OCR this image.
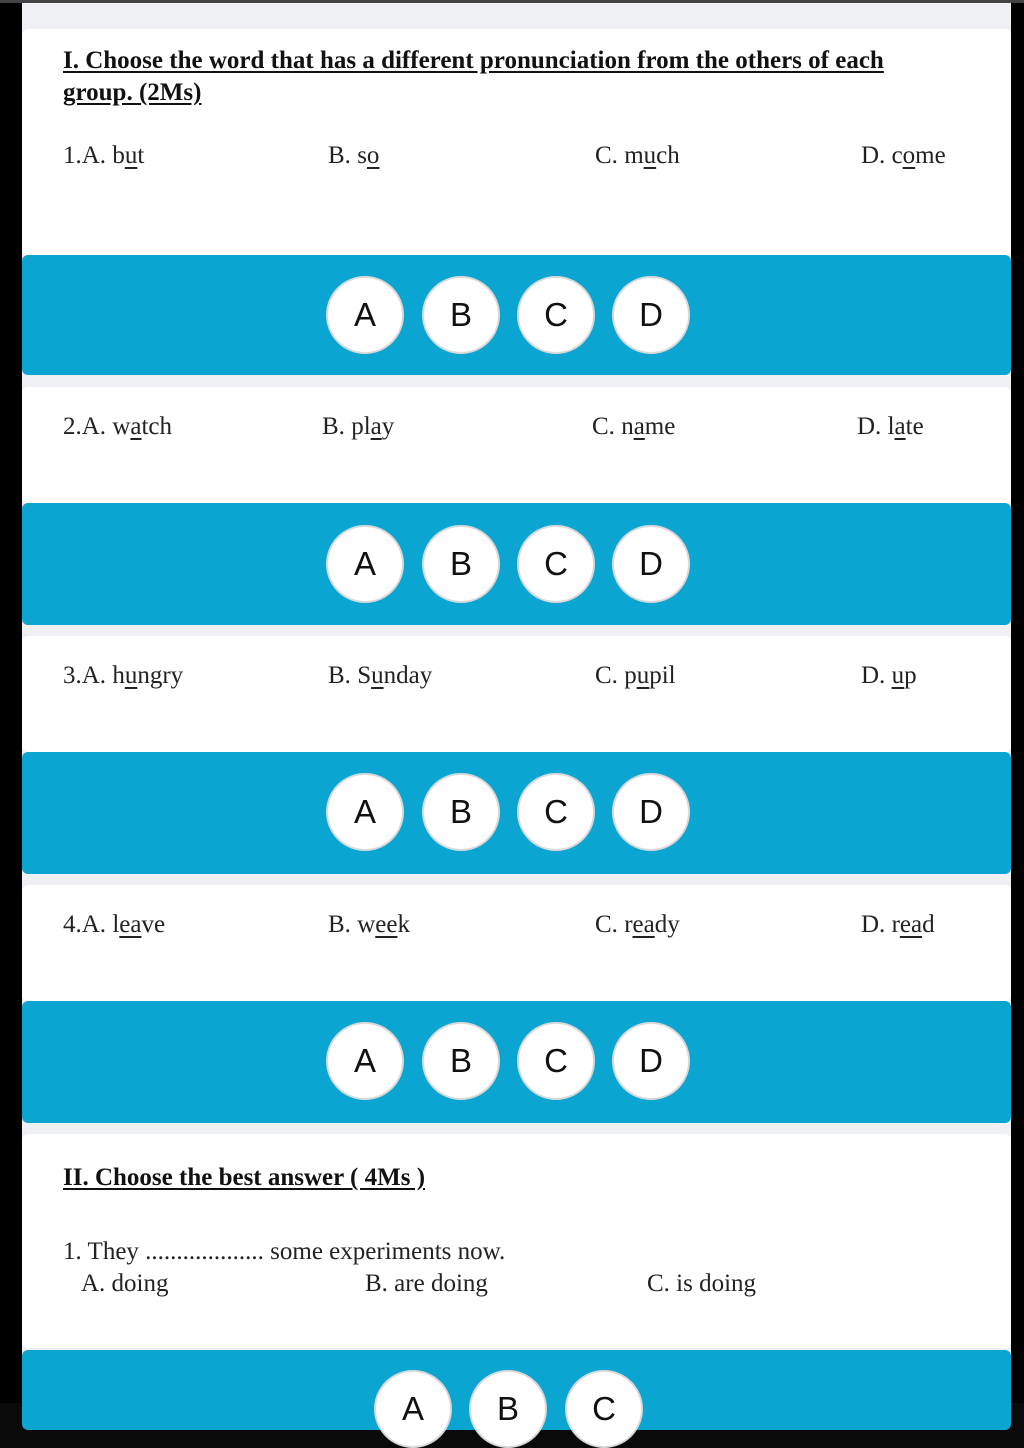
I. Choose the word that has a different pronunciation from the others of each
group. (2Ms)
1.A. but	B. so	C. much	D. come
A	B	C	D
2.A. watch	B. play	C. name	D. late
A	B	C	D
3.A. hungry	B. Sunday	C. pupil	D. up
A	B	C	D
4.A. leave	B. week	C. ready	D. read
A	B	C	D
II. Choose the best answer ( 4Ms )
1. They ................... some experiments now.
A. doing	B. are doing	C. is doing
A	B	C
